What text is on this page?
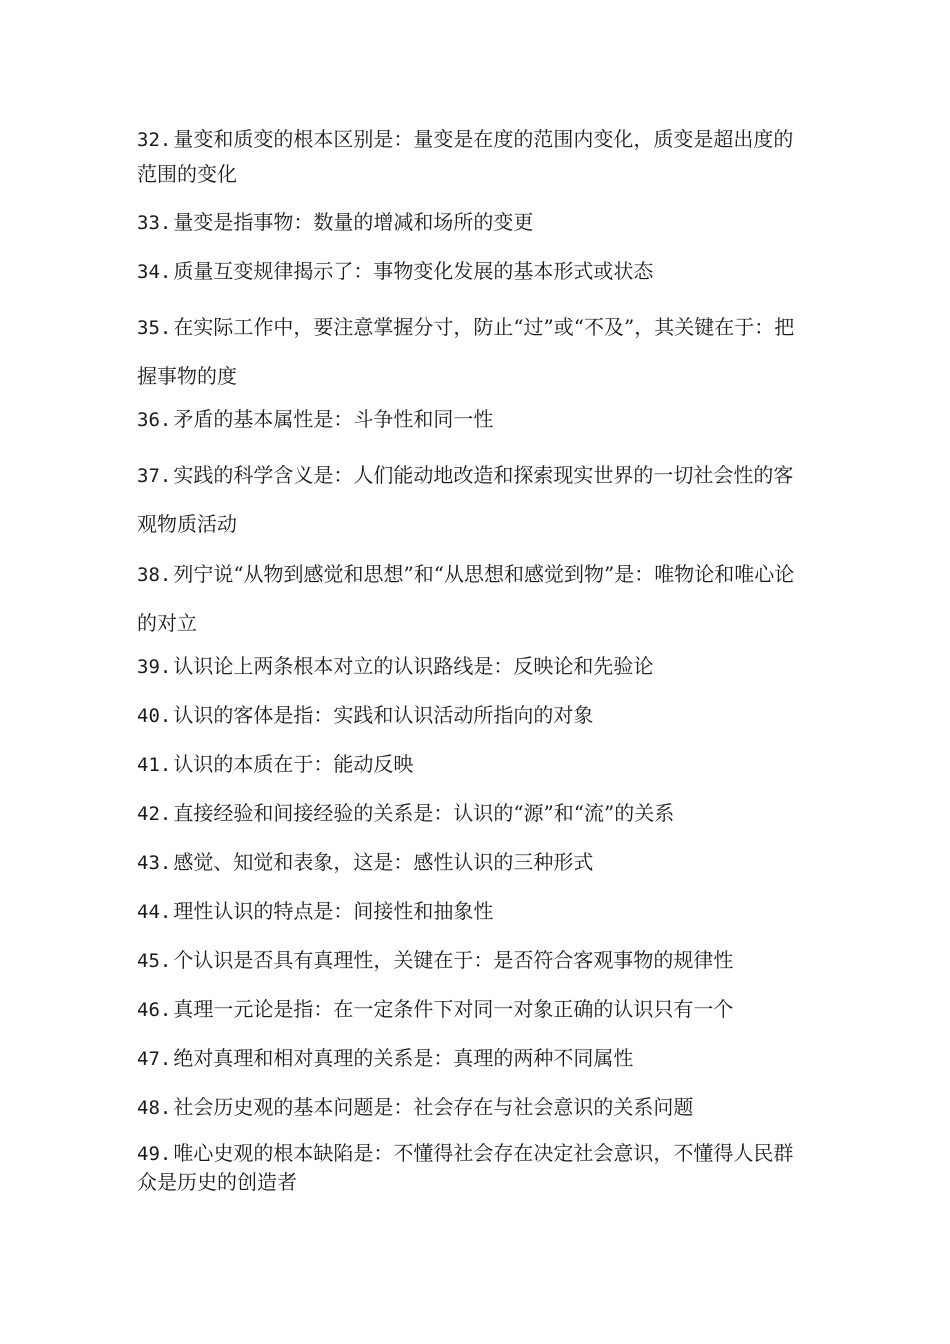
32. 量变和质变的根本区别是：量变是在度的范围内变化，质变是超出度的范围的变化

33. 量变是指事物：数量的增减和场所的变更

34. 质量互变规律揭示了：事物变化发展的基本形式或状态

35. 在实际工作中，要注意掌握分寸，防止“过”或“不及”，其关键在于：把握事物的度

36. 矛盾的基本属性是：斗争性和同一性

37. 实践的科学含义是：人们能动地改造和探索现实世界的一切社会性的客观物质活动

38. 列宁说“从物到感觉和思想”和“从思想和感觉到物”是：唯物论和唯心论的对立

39. 认识论上两条根本对立的认识路线是：反映论和先验论

40. 认识的客体是指：实践和认识活动所指向的对象

41. 认识的本质在于：能动反映

42. 直接经验和间接经验的关系是：认识的“源”和“流”的关系

43. 感觉、知觉和表象，这是：感性认识的三种形式

44. 理性认识的特点是：间接性和抽象性

45. 个认识是否具有真理性，关键在于：是否符合客观事物的规律性

46. 真理一元论是指：在一定条件下对同一对象正确的认识只有一个

47. 绝对真理和相对真理的关系是：真理的两种不同属性

48. 社会历史观的基本问题是：社会存在与社会意识的关系问题

49. 唯心史观的根本缺陷是：不懂得社会存在决定社会意识，不懂得人民群众是历史的创造者
